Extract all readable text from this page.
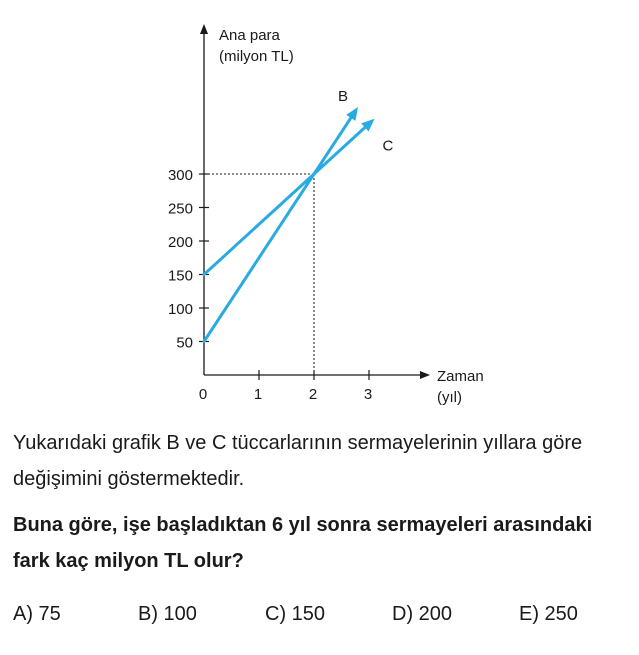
Ana para
(milyon TL)
Zaman
(yıl)
50
100
150
200
250
300
0	1	2	3
B
C
Yukarıdaki grafik B ve C tüccarlarının sermayelerinin yıllara göre değişimini göstermektedir.
Buna göre, işe başladıktan 6 yıl sonra sermayeleri arasındaki fark kaç milyon TL olur?
A) 75	B) 100	C) 150	D) 200	E) 250
